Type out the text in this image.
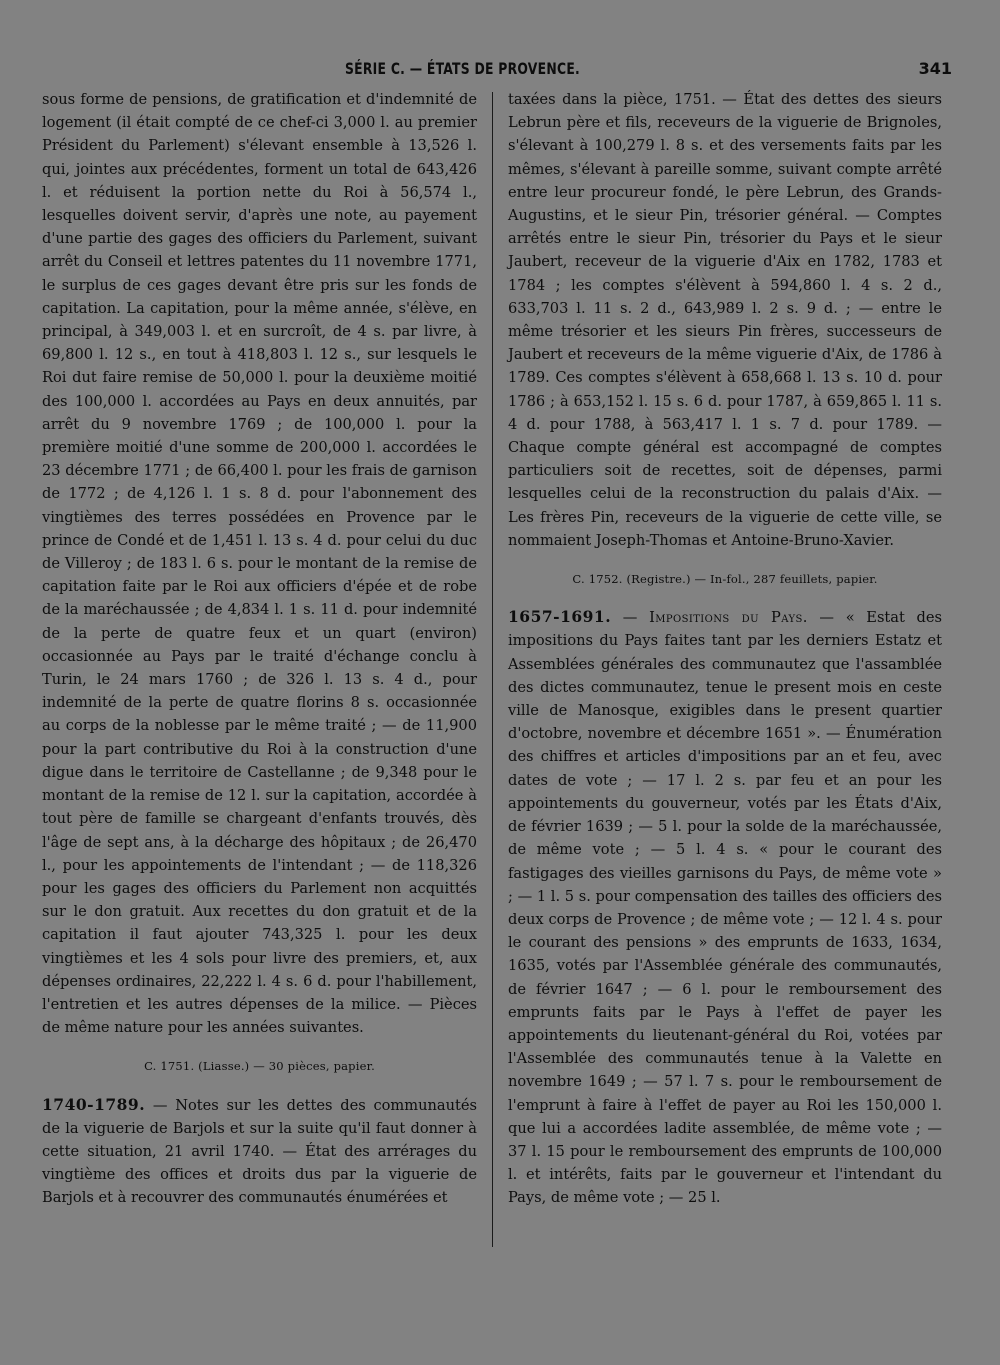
SÉRIE C. — ÉTATS DE PROVENCE.	341

sous forme de pensions, de gratification et d'indemnité de logement (il était compté de ce chef-ci 3,000 l. au premier Président du Parlement) s'élevant ensemble à 13,526 l. qui, jointes aux précédentes, forment un total de 643,426 l. et réduisent la portion nette du Roi à 56,574 l., lesquelles doivent servir, d'après une note, au payement d'une partie des gages des officiers du Parlement, suivant arrêt du Conseil et lettres patentes du 11 novembre 1771, le surplus de ces gages devant être pris sur les fonds de capitation. La capitation, pour la même année, s'élève, en principal, à 349,003 l. et en surcroît, de 4 s. par livre, à 69,800 l. 12 s., en tout à 418,803 l. 12 s., sur lesquels le Roi dut faire remise de 50,000 l. pour la deuxième moitié des 100,000 l. accordées au Pays en deux annuités, par arrêt du 9 novembre 1769 ; de 100,000 l. pour la première moitié d'une somme de 200,000 l. accordées le 23 décembre 1771 ; de 66,400 l. pour les frais de garnison de 1772 ; de 4,126 l. 1 s. 8 d. pour l'abonnement des vingtièmes des terres possédées en Provence par le prince de Condé et de 1,451 l. 13 s. 4 d. pour celui du duc de Villeroy ; de 183 l. 6 s. pour le montant de la remise de capitation faite par le Roi aux officiers d'épée et de robe de la maréchaussée ; de 4,834 l. 1 s. 11 d. pour indemnité de la perte de quatre feux et un quart (environ) occasionnée au Pays par le traité d'échange conclu à Turin, le 24 mars 1760 ; de 326 l. 13 s. 4 d., pour indemnité de la perte de quatre florins 8 s. occasionnée au corps de la noblesse par le même traité ; — de 11,900 pour la part contributive du Roi à la construction d'une digue dans le territoire de Castellanne ; de 9,348 pour le montant de la remise de 12 l. sur la capitation, accordée à tout père de famille se chargeant d'enfants trouvés, dès l'âge de sept ans, à la décharge des hôpitaux ; de 26,470 l., pour les appointements de l'intendant ; — de 118,326 pour les gages des officiers du Parlement non acquittés sur le don gratuit. Aux recettes du don gratuit et de la capitation il faut ajouter 743,325 l. pour les deux vingtièmes et les 4 sols pour livre des premiers, et, aux dépenses ordinaires, 22,222 l. 4 s. 6 d. pour l'habillement, l'entretien et les autres dépenses de la milice. — Pièces de même nature pour les années suivantes.

C. 1751. (Liasse.) — 30 pièces, papier.

1740-1789. — Notes sur les dettes des communautés de la viguerie de Barjols et sur la suite qu'il faut donner à cette situation, 21 avril 1740. — État des arrérages du vingtième des offices et droits dus par la viguerie de Barjols et à recouvrer des communautés énumérées et

taxées dans la pièce, 1751. — État des dettes des sieurs Lebrun père et fils, receveurs de la viguerie de Brignoles, s'élevant à 100,279 l. 8 s. et des versements faits par les mêmes, s'élevant à pareille somme, suivant compte arrêté entre leur procureur fondé, le père Lebrun, des Grands-Augustins, et le sieur Pin, trésorier général. — Comptes arrêtés entre le sieur Pin, trésorier du Pays et le sieur Jaubert, receveur de la viguerie d'Aix en 1782, 1783 et 1784 ; les comptes s'élèvent à 594,860 l. 4 s. 2 d., 633,703 l. 11 s. 2 d., 643,989 l. 2 s. 9 d. ; — entre le même trésorier et les sieurs Pin frères, successeurs de Jaubert et receveurs de la même viguerie d'Aix, de 1786 à 1789. Ces comptes s'élèvent à 658,668 l. 13 s. 10 d. pour 1786 ; à 653,152 l. 15 s. 6 d. pour 1787, à 659,865 l. 11 s. 4 d. pour 1788, à 563,417 l. 1 s. 7 d. pour 1789. — Chaque compte général est accompagné de comptes particuliers soit de recettes, soit de dépenses, parmi lesquelles celui de la reconstruction du palais d'Aix. — Les frères Pin, receveurs de la viguerie de cette ville, se nommaient Joseph-Thomas et Antoine-Bruno-Xavier.

C. 1752. (Registre.) — In-fol., 287 feuillets, papier.

1657-1691. — Impositions du Pays. — « Estat des impositions du Pays faites tant par les derniers Estatz et Assemblées générales des communautez que l'assamblée des dictes communautez, tenue le present mois en ceste ville de Manosque, exigibles dans le present quartier d'octobre, novembre et décembre 1651 ». — Énumération des chiffres et articles d'impositions par an et feu, avec dates de vote ; — 17 l. 2 s. par feu et an pour les appointements du gouverneur, votés par les États d'Aix, de février 1639 ; — 5 l. pour la solde de la maréchaussée, de même vote ; — 5 l. 4 s. « pour le courant des fastigages des vieilles garnisons du Pays, de même vote » ; — 1 l. 5 s. pour compensation des tailles des officiers des deux corps de Provence ; de même vote ; — 12 l. 4 s. pour le courant des pensions » des emprunts de 1633, 1634, 1635, votés par l'Assemblée générale des communautés, de février 1647 ; — 6 l. pour le remboursement des emprunts faits par le Pays à l'effet de payer les appointements du lieutenant-général du Roi, votées par l'Assemblée des communautés tenue à la Valette en novembre 1649 ; — 57 l. 7 s. pour le remboursement de l'emprunt à faire à l'effet de payer au Roi les 150,000 l. que lui a accordées ladite assemblée, de même vote ; — 37 l. 15 pour le remboursement des emprunts de 100,000 l. et intérêts, faits par le gouverneur et l'intendant du Pays, de même vote ; — 25 l.
